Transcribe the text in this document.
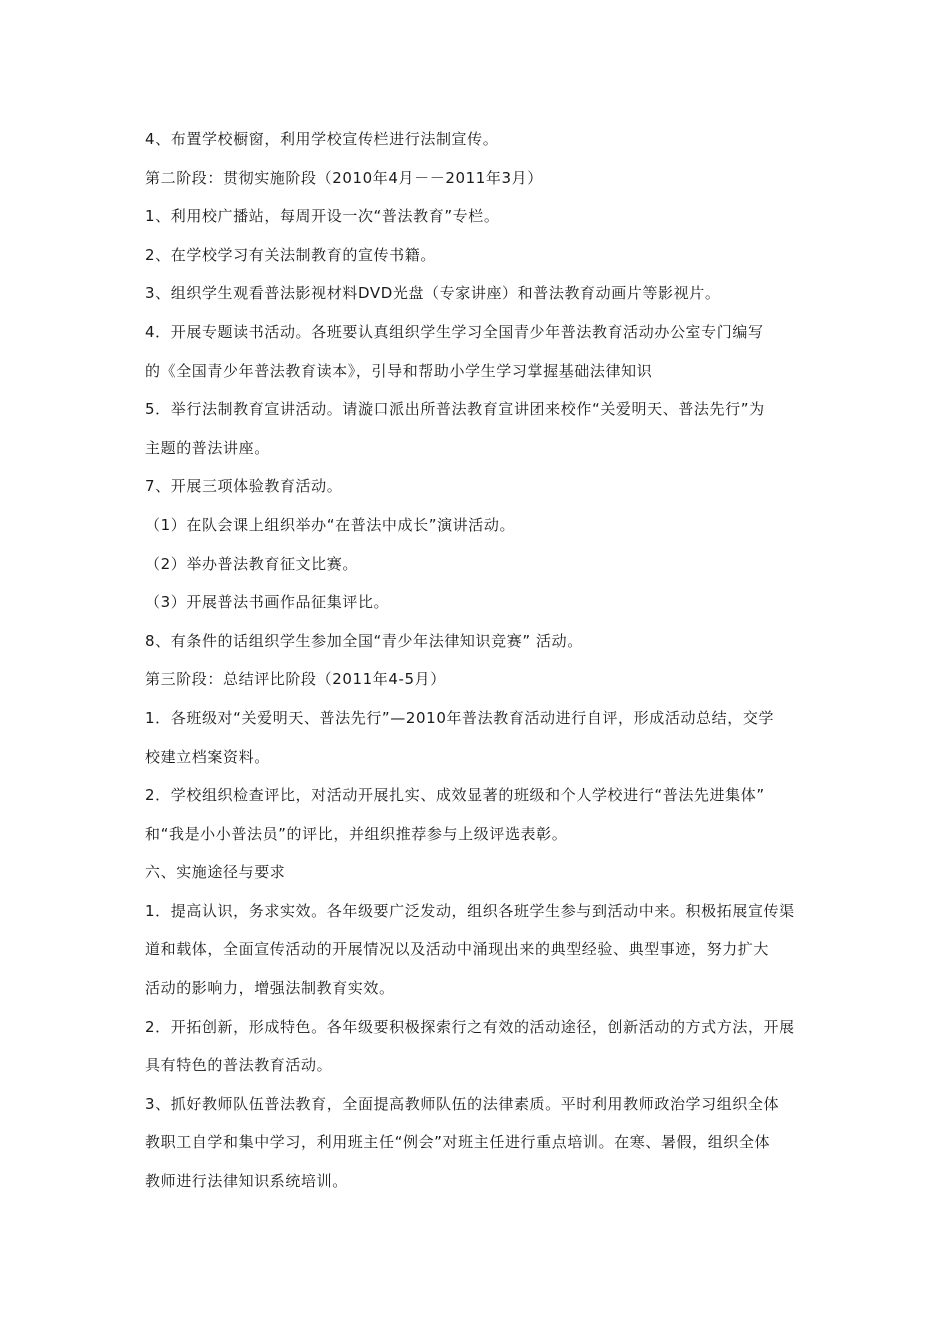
4、布置学校橱窗，利用学校宣传栏进行法制宣传。
第二阶段：贯彻实施阶段（2010年4月－－2011年3月）
1、利用校广播站，每周开设一次“普法教育”专栏。
2、在学校学习有关法制教育的宣传书籍。
3、组织学生观看普法影视材料DVD光盘（专家讲座）和普法教育动画片等影视片。
4．开展专题读书活动。各班要认真组织学生学习全国青少年普法教育活动办公室专门编写
的《全国青少年普法教育读本》，引导和帮助小学生学习掌握基础法律知识
5．举行法制教育宣讲活动。请漩口派出所普法教育宣讲团来校作“关爱明天、普法先行”为
主题的普法讲座。
7、开展三项体验教育活动。
（1）在队会课上组织举办“在普法中成长”演讲活动。
（2）举办普法教育征文比赛。
（3）开展普法书画作品征集评比。
8、有条件的话组织学生参加全国“青少年法律知识竞赛” 活动。
第三阶段：总结评比阶段（2011年4-5月）
1．各班级对“关爱明天、普法先行”—2010年普法教育活动进行自评，形成活动总结，交学
校建立档案资料。
2．学校组织检查评比，对活动开展扎实、成效显著的班级和个人学校进行“普法先进集体”
和“我是小小普法员”的评比，并组织推荐参与上级评选表彰。
六、实施途径与要求
1．提高认识，务求实效。各年级要广泛发动，组织各班学生参与到活动中来。积极拓展宣传渠
道和载体，全面宣传活动的开展情况以及活动中涌现出来的典型经验、典型事迹，努力扩大
活动的影响力，增强法制教育实效。
2．开拓创新，形成特色。各年级要积极探索行之有效的活动途径，创新活动的方式方法，开展
具有特色的普法教育活动。
3、抓好教师队伍普法教育，全面提高教师队伍的法律素质。平时利用教师政治学习组织全体
教职工自学和集中学习，利用班主任“例会”对班主任进行重点培训。在寒、暑假，组织全体
教师进行法律知识系统培训。
